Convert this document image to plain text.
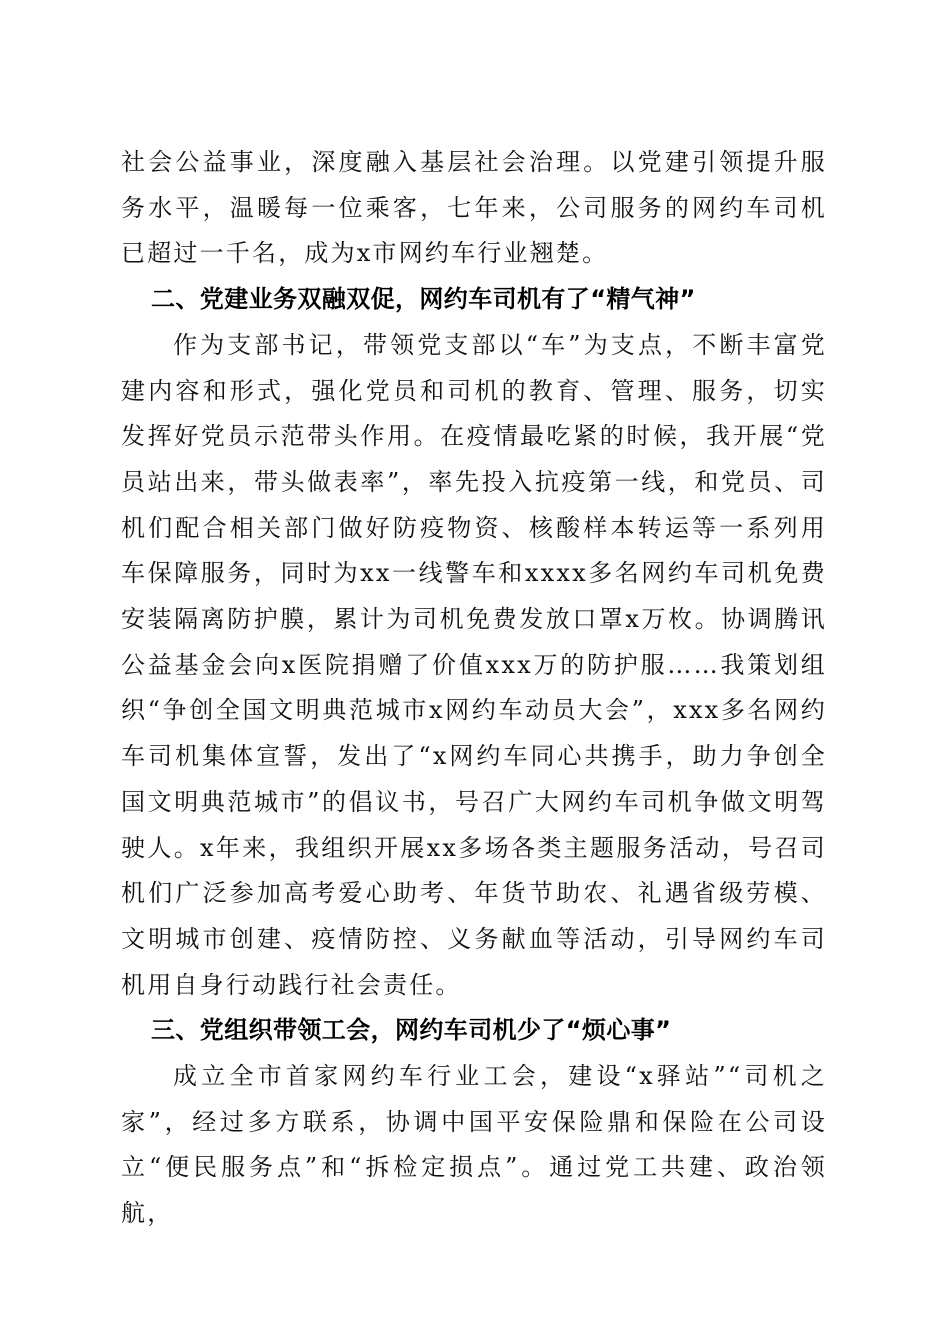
社会公益事业，深度融入基层社会治理。以党建引领提升服务水平，温暖每一位乘客，七年来，公司服务的网约车司机已超过一千名，成为x市网约车行业翘楚。

二、党建业务双融双促，网约车司机有了“精气神”

作为支部书记，带领党支部以“车”为支点，不断丰富党建内容和形式，强化党员和司机的教育、管理、服务，切实发挥好党员示范带头作用。在疫情最吃紧的时候，我开展“党员站出来，带头做表率”，率先投入抗疫第一线，和党员、司机们配合相关部门做好防疫物资、核酸样本转运等一系列用车保障服务，同时为xx一线警车和xxxx多名网约车司机免费安装隔离防护膜，累计为司机免费发放口罩x万枚。协调腾讯公益基金会向x医院捐赠了价值xxx万的防护服……我策划组织“争创全国文明典范城市x网约车动员大会”，xxx多名网约车司机集体宣誓，发出了“x网约车同心共携手，助力争创全国文明典范城市”的倡议书，号召广大网约车司机争做文明驾驶人。x年来，我组织开展xx多场各类主题服务活动，号召司机们广泛参加高考爱心助考、年货节助农、礼遇省级劳模、文明城市创建、疫情防控、义务献血等活动，引导网约车司机用自身行动践行社会责任。

三、党组织带领工会，网约车司机少了“烦心事”

成立全市首家网约车行业工会，建设“x驿站”“司机之家”，经过多方联系，协调中国平安保险鼎和保险在公司设立“便民服务点”和“拆检定损点”。通过党工共建、政治领航，
